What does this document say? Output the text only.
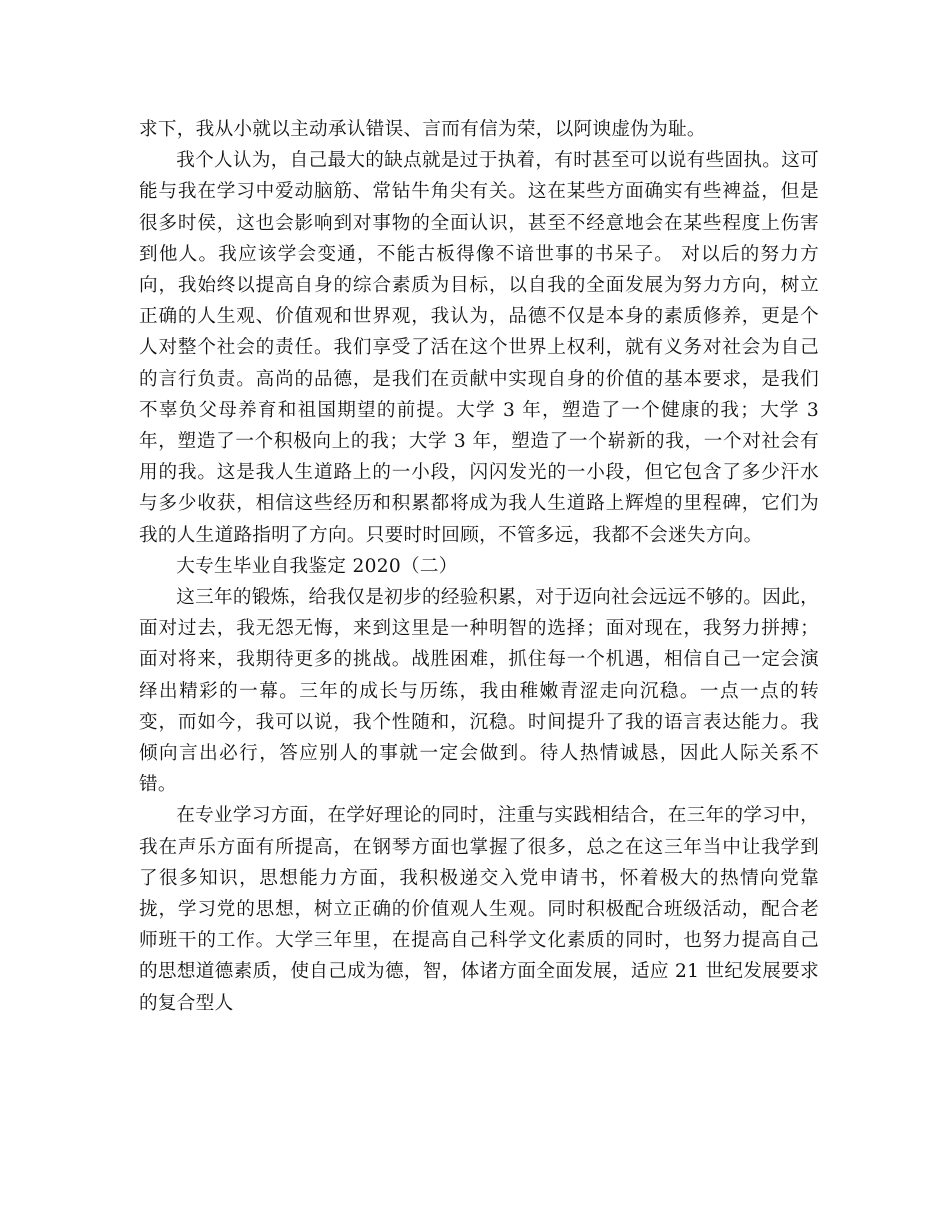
求下，我从小就以主动承认错误、言而有信为荣，以阿谀虚伪为耻。

我个人认为，自己最大的缺点就是过于执着，有时甚至可以说有些固执。这可能与我在学习中爱动脑筋、常钻牛角尖有关。这在某些方面确实有些裨益，但是很多时侯，这也会影响到对事物的全面认识，甚至不经意地会在某些程度上伤害到他人。我应该学会变通，不能古板得像不谙世事的书呆子。 对以后的努力方向，我始终以提高自身的综合素质为目标，以自我的全面发展为努力方向，树立正确的人生观、价值观和世界观，我认为，品德不仅是本身的素质修养，更是个人对整个社会的责任。我们享受了活在这个世界上权利，就有义务对社会为自己的言行负责。高尚的品德，是我们在贡献中实现自身的价值的基本要求，是我们不辜负父母养育和祖国期望的前提。大学 3 年，塑造了一个健康的我；大学 3 年，塑造了一个积极向上的我；大学 3 年，塑造了一个崭新的我，一个对社会有用的我。这是我人生道路上的一小段，闪闪发光的一小段，但它包含了多少汗水与多少收获，相信这些经历和积累都将成为我人生道路上辉煌的里程碑，它们为我的人生道路指明了方向。只要时时回顾，不管多远，我都不会迷失方向。

大专生毕业自我鉴定 2020（二）

这三年的锻炼，给我仅是初步的经验积累，对于迈向社会远远不够的。因此，面对过去，我无怨无悔，来到这里是一种明智的选择；面对现在，我努力拼搏；面对将来，我期待更多的挑战。战胜困难，抓住每一个机遇，相信自己一定会演绎出精彩的一幕。三年的成长与历练，我由稚嫩青涩走向沉稳。一点一点的转变，而如今，我可以说，我个性随和，沉稳。时间提升了我的语言表达能力。我倾向言出必行，答应别人的事就一定会做到。待人热情诚恳，因此人际关系不错。

在专业学习方面，在学好理论的同时，注重与实践相结合，在三年的学习中，我在声乐方面有所提高，在钢琴方面也掌握了很多，总之在这三年当中让我学到了很多知识，思想能力方面，我积极递交入党申请书，怀着极大的热情向党靠拢，学习党的思想，树立正确的价值观人生观。同时积极配合班级活动，配合老师班干的工作。大学三年里，在提高自己科学文化素质的同时，也努力提高自己的思想道德素质，使自己成为德，智，体诸方面全面发展，适应 21 世纪发展要求的复合型人
